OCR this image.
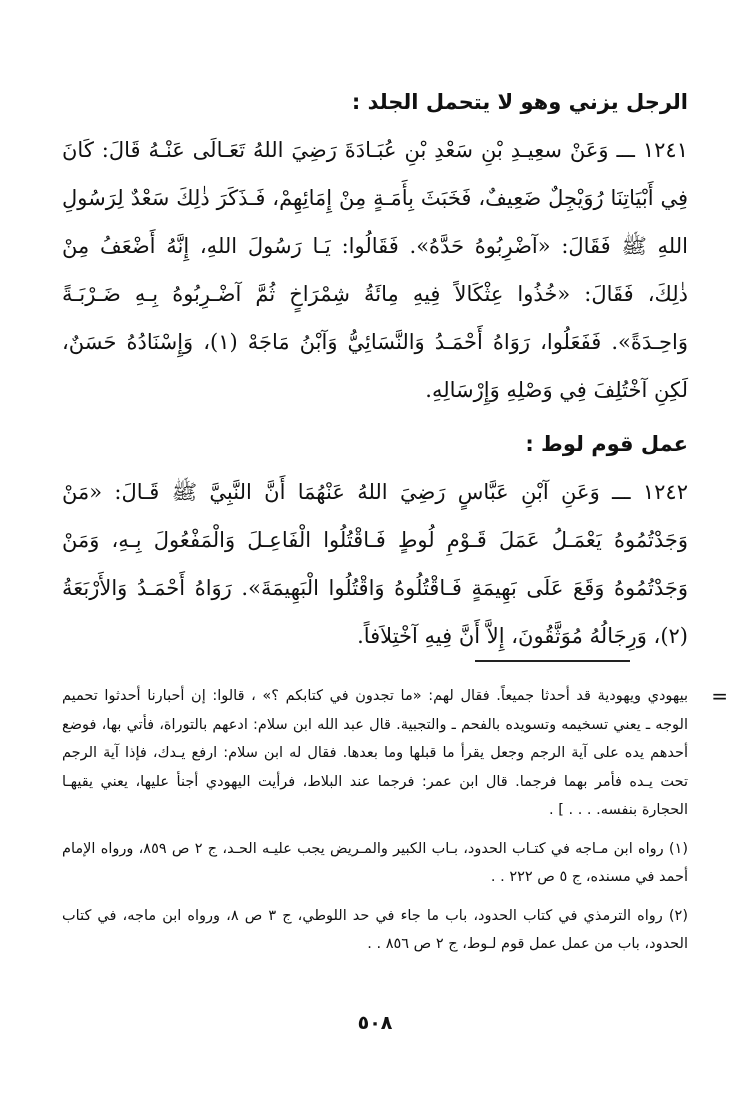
الرجل يزني وهو لا يتحمل الجلد :
١٢٤١ ـــ وَعَنْ سعِيـدِ بْنِ سَعْدِ بْنِ عُبَـادَةَ رَضِيَ اللهُ تَعَـالَى عَنْـهُ قَالَ: كَانَ فِي أَبْيَاتِنَا رُوَيْجِلٌ ضَعِيفٌ، فَخَبَثَ بِأَمَـةٍ مِنْ إِمَائِهِمْ، فَـذَكَرَ ذٰلِكَ سَعْدٌ لِرَسُولِ اللهِ ﷺ فَقَالَ: «آضْرِبُوهُ حَدَّهُ». فَقَالُوا: يَـا رَسُولَ اللهِ، إِنَّهُ أَضْعَفُ مِنْ ذٰلِكَ، فَقَالَ: «خُذُوا عِثْكَالاً فِيهِ مِائَةُ شِمْرَاخٍ ثُمَّ آضْـرِبُوهُ بِـهِ ضَـرْبَـةً وَاحِـدَةً». فَفَعَلُوا، رَوَاهُ أَحْمَـدُ وَالنَّسَائِيُّ وَآبْنُ مَاجَهْ (١)، وَإِسْنَادُهُ حَسَنٌ، لَكِنِ آخْتُلِفَ فِي وَصْلِهِ وَإِرْسَالِهِ.
عمل قوم لوط :
١٢٤٢ ـــ وَعَنِ آبْنِ عَبَّاسٍ رَضِيَ اللهُ عَنْهُمَا أَنَّ النَّبِيَّ ﷺ قَـالَ: «مَنْ وَجَدْتُمُوهُ يَعْمَـلُ عَمَلَ قَـوْمِ لُوطٍ فَـاقْتُلُوا الْفَاعِـلَ وَالْمَفْعُولَ بِـهِ، وَمَنْ وَجَدْتُمُوهُ وَقَعَ عَلَى بَهِيمَةٍ فَـاقْتُلُوهُ وَاقْتُلُوا الْبَهِيمَةَ». رَوَاهُ أَحْمَـدُ وَالأَرْبَعَةُ (٢)، وَرِجَالُهُ مُوَثَّقُونَ، إِلاَّ أَنَّ فِيهِ آخْتِلاَفاً.
=
بيهودي ويهودية قد أحدثا جميعاً. فقال لهم: «ما تجدون في كتابكم ؟» ، قالوا: إن أحبارنا أحدثوا تحميم الوجه ـ يعني تسخيمه وتسويده بالفحم ـ والتجبية. قال عبد الله ابن سلام: ادعهم بالتوراة، فأتي بها، فوضع أحدهم يده على آية الرجم وجعل يقرأ ما قبلها وما بعدها. فقال له ابن سلام: ارفع يـدك، فإذا آية الرجم تحت يـده فأمر بهما فرجما. قال ابن عمر: فرجما عند البلاط، فرأيت اليهودي أجنأ عليها، يعني يقيهـا الحجارة بنفسه. . . . ] .
(١) رواه ابن مـاجه في كتـاب الحدود، بـاب الكبير والمـريض يجب عليـه الحـد، ج ٢ ص ٨٥٩، ورواه الإمام أحمد في مسنده، ج ٥ ص ٢٢٢ . .
(٢) رواه الترمذي في كتاب الحدود، باب ما جاء في حد اللوطي، ج ٣ ص ٨، ورواه ابن ماجه، في كتاب الحدود، باب من عمل عمل قوم لـوط، ج ٢ ص ٨٥٦ . .
٥٠٨
